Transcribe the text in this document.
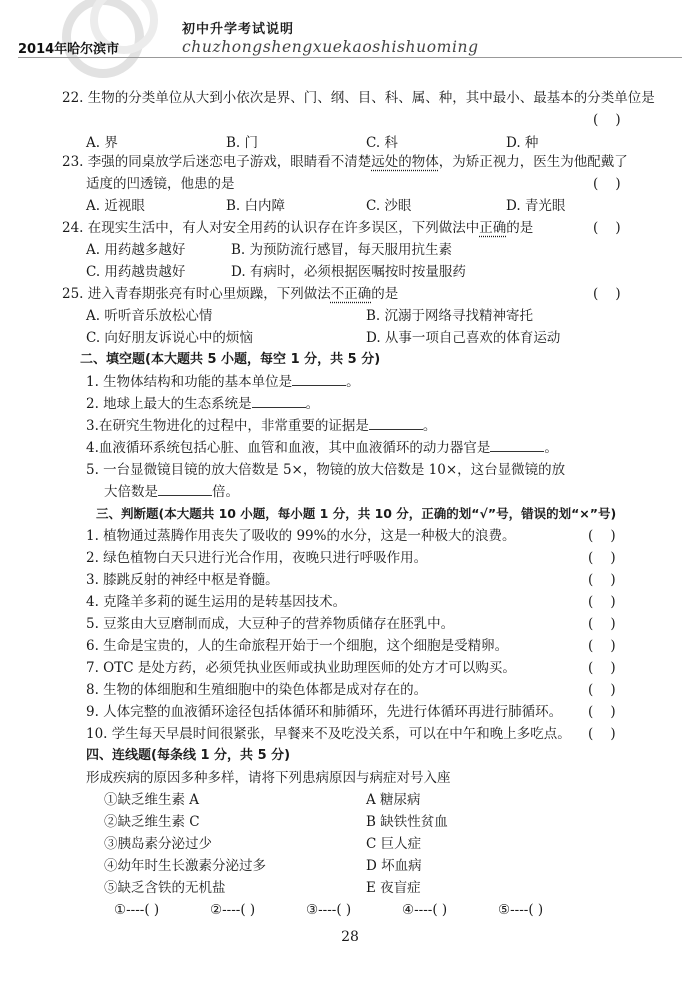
2014年哈尔滨市
初中升学考试说明
chuzhongshengxuekaoshishuoming
22. 生物的分类单位从大到小依次是界、门、纲、目、科、属、种，其中最小、最基本的分类单位是
(    )
A. 界	B. 门	C. 科	D. 种
23. 李强的同桌放学后迷恋电子游戏，眼睛看不清楚远处的物体，为矫正视力，医生为他配戴了
适度的凹透镜，他患的是	(    )
A. 近视眼	B. 白内障	C. 沙眼	D. 青光眼
24. 在现实生活中，有人对安全用药的认识存在许多误区，下列做法中正确的是	(    )
A. 用药越多越好	B. 为预防流行感冒，每天服用抗生素
C. 用药越贵越好	D. 有病时，必须根据医嘱按时按量服药
25. 进入青春期张亮有时心里烦躁，下列做法不正确的是	(    )
A. 听听音乐放松心情	B. 沉溺于网络寻找精神寄托
C. 向好朋友诉说心中的烦恼	D. 从事一项自己喜欢的体育运动
二、填空题(本大题共 5 小题，每空 1 分，共 5 分)
1. 生物体结构和功能的基本单位是	。
2. 地球上最大的生态系统是	。
3.在研究生物进化的过程中，非常重要的证据是	。
4.血液循环系统包括心脏、血管和血液，其中血液循环的动力器官是	。
5. 一台显微镜目镜的放大倍数是 5×，物镜的放大倍数是 10×，这台显微镜的放
大倍数是	倍。
三、判断题(本大题共 10 小题，每小题 1 分，共 10 分，正确的划“√”号，错误的划“×”号)
1. 植物通过蒸腾作用丧失了吸收的 99%的水分，这是一种极大的浪费。	(    )
2. 绿色植物白天只进行光合作用，夜晚只进行呼吸作用。	(    )
3. 膝跳反射的神经中枢是脊髓。	(    )
4. 克隆羊多莉的诞生运用的是转基因技术。	(    )
5. 豆浆由大豆磨制而成，大豆种子的营养物质储存在胚乳中。	(    )
6. 生命是宝贵的，人的生命旅程开始于一个细胞，这个细胞是受精卵。	(    )
7. OTC 是处方药，必须凭执业医师或执业助理医师的处方才可以购买。	(    )
8. 生物的体细胞和生殖细胞中的染色体都是成对存在的。	(    )
9. 人体完整的血液循环途径包括体循环和肺循环，先进行体循环再进行肺循环。 (    )
10. 学生每天早晨时间很紧张，早餐来不及吃没关系，可以在中午和晚上多吃点。 (    )
四、连线题(每条线 1 分，共 5 分)
形成疾病的原因多种多样，请将下列患病原因与病症对号入座
①缺乏维生素 A	A 糖尿病
②缺乏维生素 C	B 缺铁性贫血
③胰岛素分泌过少	C 巨人症
④幼年时生长激素分泌过多	D 坏血病
⑤缺乏含铁的无机盐	E 夜盲症
①----( )	②----( )	③----( )	④----( )	⑤----( )
28
